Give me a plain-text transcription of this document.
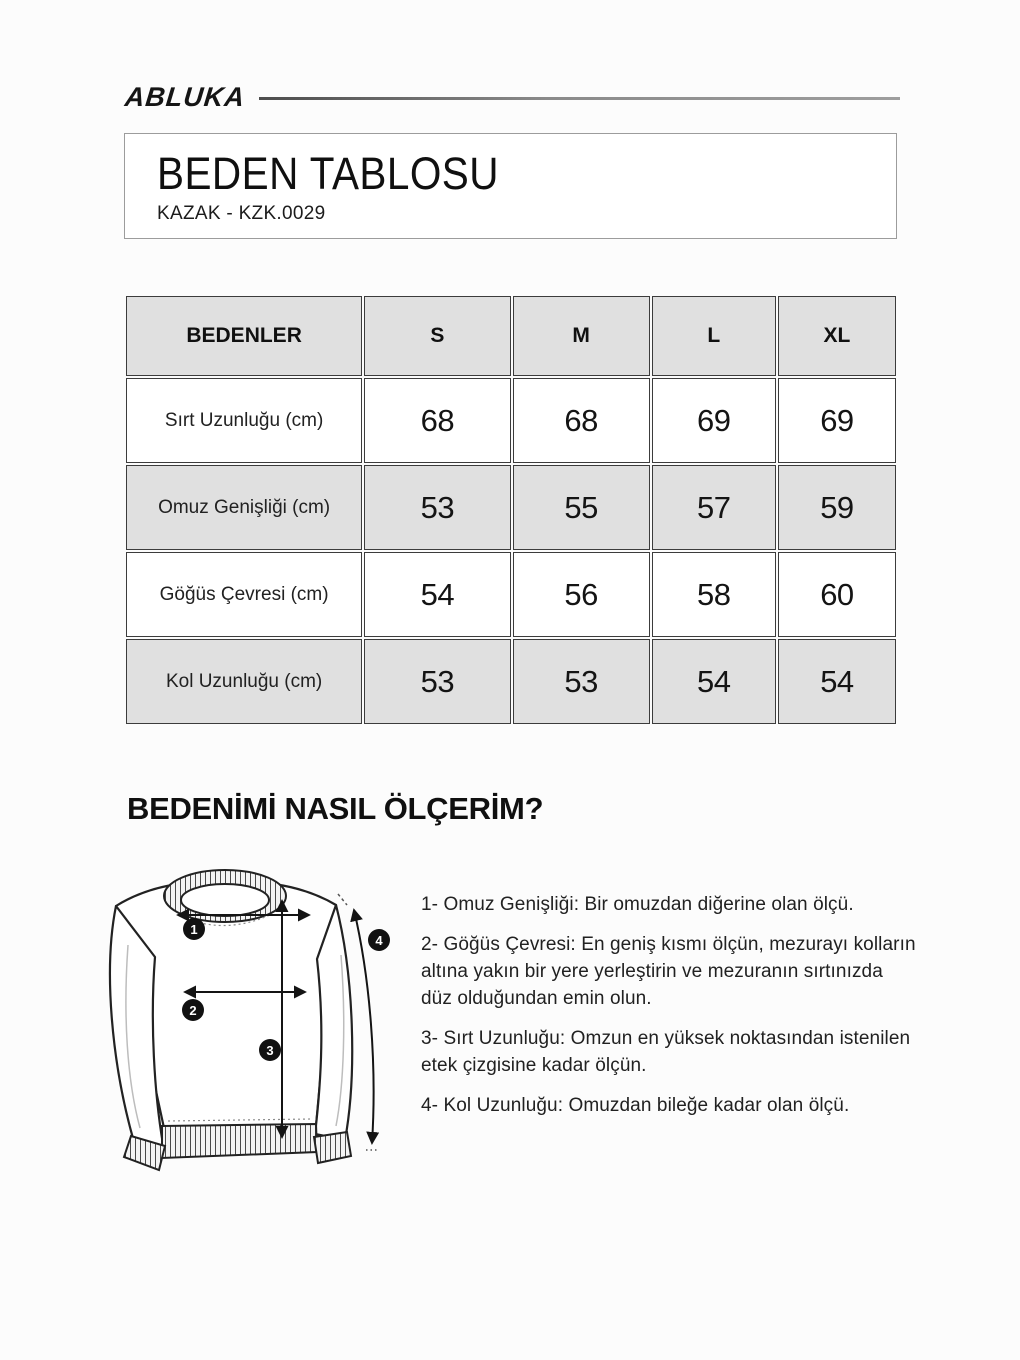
ABLUKA
BEDEN TABLOSU
KAZAK - KZK.0029
BEDENLER	S	M	L	XL
Sırt Uzunluğu (cm)	68	68	69	69
Omuz Genişliği (cm)	53	55	57	59
Göğüs Çevresi (cm)	54	56	58	60
Kol Uzunluğu (cm)	53	53	54	54
BEDENİMİ NASIL ÖLÇERİM?
1
2
3
4

1- Omuz Genişliği: Bir omuzdan diğerine olan ölçü.

2- Göğüs Çevresi: En geniş kısmı ölçün, mezurayı kolların altına yakın bir yere yerleştirin ve mezuranın sırtınızda düz olduğundan emin olun.

3- Sırt Uzunluğu: Omzun en yüksek noktasından istenilen etek çizgisine kadar ölçün.

4- Kol Uzunluğu: Omuzdan bileğe kadar olan ölçü.
